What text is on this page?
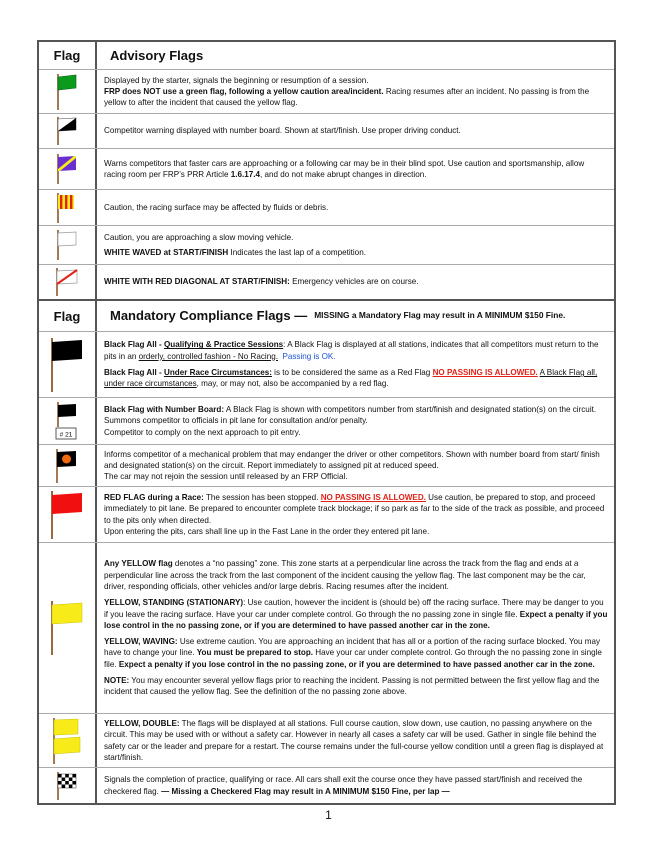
Flag	Advisory Flags

Displayed by the starter, signals the beginning or resumption of a session.

FRP does NOT use a green flag, following a yellow caution area/incident. Racing resumes after an incident. No passing is from the yellow to after the incident that caused the yellow flag.

Competitor warning displayed with number board. Shown at start/finish. Use proper driving conduct.

Warns competitors that faster cars are approaching or a following car may be in their blind spot. Use caution and sportsmanship, allow racing room per FRP’s PRR Article 1.6.17.4, and do not make abrupt changes in direction.

Caution, the racing surface may be affected by fluids or debris.

Caution, you are approaching a slow moving vehicle.

WHITE WAVED at START/FINISH Indicates the last lap of a competition.

WHITE WITH RED DIAGONAL AT START/FINISH: Emergency vehicles are on course.

Flag	Mandatory Compliance Flags — MISSING a Mandatory Flag may result in A MINIMUM $150 Fine.

Black Flag All - Qualifying & Practice Sessions: A Black Flag is displayed at all stations, indicates that all competitors must return to the pits in an orderly, controlled fashion - No Racing. Passing is OK.

Black Flag All - Under Race Circumstances: is to be considered the same as a Red Flag NO PASSING IS ALLOWED. A Black Flag all, under race circumstances, may, or may not, also be accompanied by a red flag.

# 21

Black Flag with Number Board: A Black Flag is shown with competitors number from start/finish and designated station(s) on the circuit. Summons competitor to officials in pit lane for consultation and/or penalty.

Competitor to comply on the next approach to pit entry.

Informs competitor of a mechanical problem that may endanger the driver or other competitors. Shown with number board from start/ finish and designated station(s) on the circuit. Report immediately to assigned pit at reduced speed.

The car may not rejoin the session until released by an FRP Official.

RED FLAG during a Race: The session has been stopped. NO PASSING IS ALLOWED. Use caution, be prepared to stop, and proceed immediately to pit lane. Be prepared to encounter complete track blockage; if so park as far to the side of the track as possible, and proceed to the pits only when directed.

Upon entering the pits, cars shall line up in the Fast Lane in the order they entered pit lane.

Any YELLOW flag denotes a “no passing” zone. This zone starts at a perpendicular line across the track from the flag and ends at a perpendicular line across the track from the last component of the incident causing the yellow flag. The last component may be the car, driver, responding officials, other vehicles and/or large debris. Racing resumes after the incident.

YELLOW, STANDING (STATIONARY): Use caution, however the incident is (should be) off the racing surface. There may be danger to you if you leave the racing surface. Have your car under complete control. Go through the no passing zone in single file. Expect a penalty if you lose control in the no passing zone, or if you are determined to have passed another car in the zone.

YELLOW, WAVING: Use extreme caution. You are approaching an incident that has all or a portion of the racing surface blocked. You may have to change your line. You must be prepared to stop. Have your car under complete control. Go through the no passing zone in single file. Expect a penalty if you lose control in the no passing zone, or if you are determined to have passed another car in the zone.

NOTE: You may encounter several yellow flags prior to reaching the incident. Passing is not permitted between the first yellow flag and the incident that caused the yellow flag. See the definition of the no passing zone above.

YELLOW, DOUBLE: The flags will be displayed at all stations. Full course caution, slow down, use caution, no passing anywhere on the circuit. This may be used with or without a safety car. However in nearly all cases a safety car will be used. Gather in single file behind the safety car or the leader and prepare for a restart. The course remains under the full-course yellow condition until a green flag is displayed at start/finish.

Signals the completion of practice, qualifying or race. All cars shall exit the course once they have passed start/finish and received the checkered flag. — Missing a Checkered Flag may result in A MINIMUM $150 Fine, per lap —

1
